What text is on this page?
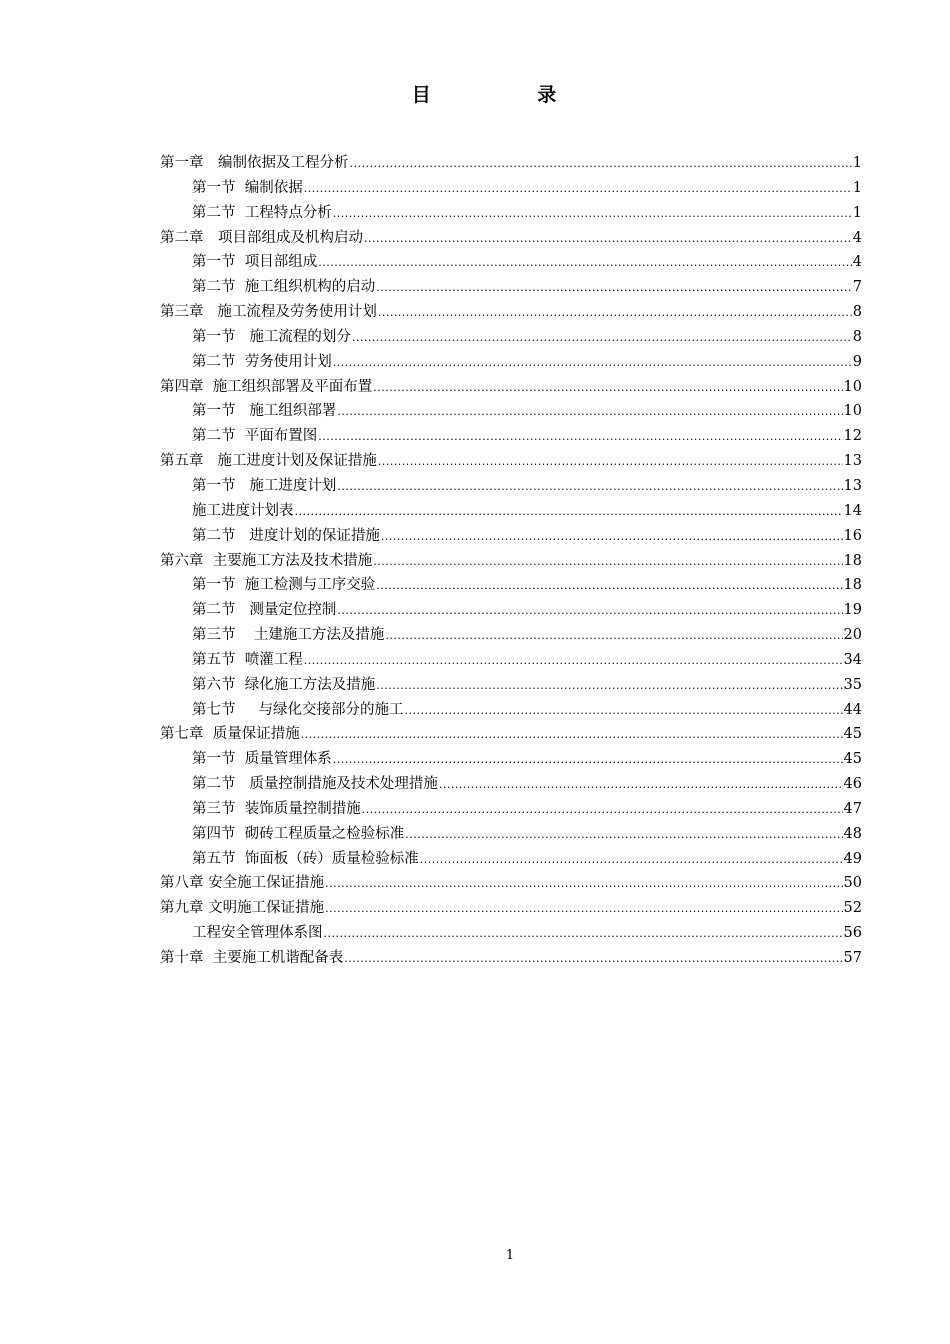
目 录
第一章　编制依据及工程分析 .....	1
第一节  编制依据 .....	1
第二节  工程特点分析 .....	1
第二章　项目部组成及机构启动 .....	4
第一节  项目部组成 .....	4
第二节  施工组织机构的启动 .....	7
第三章   施工流程及劳务使用计划 .....	8
第一节   施工流程的划分 .....	8
第二节  劳务使用计划 .....	9
第四章  施工组织部署及平面布置 .....	10
第一节   施工组织部署 .....	10
第二节  平面布置图 .....	12
第五章   施工进度计划及保证措施 .....	13
第一节   施工进度计划 .....	13
施工进度计划表 .....	14
第二节   进度计划的保证措施 .....	16
第六章  主要施工方法及技术措施 .....	18
第一节  施工检测与工序交验 .....	18
第二节   测量定位控制 .....	19
第三节    土建施工方法及措施 .....	20
第五节  喷灌工程 .....	34
第六节  绿化施工方法及措施 .....	35
第七节     与绿化交接部分的施工 .....	44
第七章  质量保证措施 .....	45
第一节  质量管理体系 .....	45
第二节   质量控制措施及技术处理措施 .....	46
第三节  装饰质量控制措施 .....	47
第四节  砌砖工程质量之检验标准 .....	48
第五节  饰面板（砖）质量检验标准 .....	49
第八章 安全施工保证措施 .....	50
第九章 文明施工保证措施 .....	52
工程安全管理体系图 .....	56
第十章  主要施工机谐配备表 .....	57
1
